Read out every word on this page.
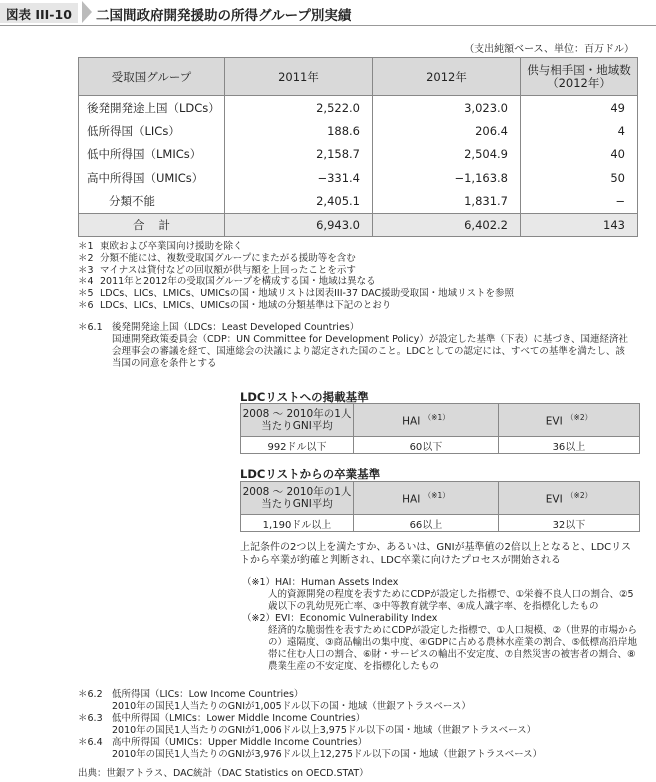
図表 III-10	二国間政府開発援助の所得グループ別実績
（支出純額ベース、単位：百万ドル）
受取国グループ	2011年	2012年	供与相手国・地域数（2012年）
後発開発途上国（LDCs）	2,522.0	3,023.0	49
低所得国（LICs）	188.6	206.4	4
低中所得国（LMICs）	2,158.7	2,504.9	40
高中所得国（UMICs）	−331.4	−1,163.8	50
分類不能	2,405.1	1,831.7	−
合計	6,943.0	6,402.2	143
＊1 東欧および卒業国向け援助を除く
＊2 分類不能には、複数受取国グループにまたがる援助等を含む
＊3 マイナスは貸付などの回収額が供与額を上回ったことを示す
＊4 2011年と2012年の受取国グループを構成する国・地域は異なる
＊5 LDCs、LICs、LMICs、UMICsの国・地域リストは図表III-37 DAC援助受取国・地域リストを参照
＊6 LDCs、LICs、LMICs、UMICsの国・地域の分類基準は下記のとおり
＊6.1 後発開発途上国（LDCs：Least Developed Countries）
国連開発政策委員会（CDP：UN Committee for Development Policy）が設定した基準（下表）に基づき、国連経済社会理事会の審議を経て、国連総会の決議により認定された国のこと。LDCとしての認定には、すべての基準を満たし、該当国の同意を条件とする
LDCリストへの掲載基準
2008 ～ 2010年の1人当たりGNI平均	HAI $^{(※1)}$	EVI $^{(※2)}$
992ドル以下	60以下	36以上
LDCリストからの卒業基準
2008 ～ 2010年の1人当たりGNI平均	HAI $^{(※1)}$	EVI $^{(※2)}$
1,190ドル以上	66以上	32以下
上記条件の2つ以上を満たすか、あるいは、GNIが基準値の2倍以上となると、LDCリストから卒業が約確と判断され、LDC卒業に向けたプロセスが開始される
（※1）HAI：Human Assets Index
人的資源開発の程度を表すためにCDPが設定した指標で、①栄養不良人口の割合、②5歳以下の乳幼児死亡率、③中等教育就学率、④成人識字率、を指標化したもの
（※2）EVI：Economic Vulnerability Index
経済的な脆弱性を表すためにCDPが設定した指標で、①人口規模、②（世界的市場からの）遠隔度、③商品輸出の集中度、④GDPに占める農林水産業の割合、⑤低標高沿岸地帯に住む人口の割合、⑥財・サービスの輸出不安定度、⑦自然災害の被害者の割合、⑧農業生産の不安定度、を指標化したもの
＊6.2 低所得国（LICs：Low Income Countries）
2010年の国民1人当たりのGNIが1,005ドル以下の国・地域（世銀アトラスベース）
＊6.3 低中所得国（LMICs：Lower Middle Income Countries）
2010年の国民1人当たりのGNIが1,006ドル以上3,975ドル以下の国・地域（世銀アトラスベース）
＊6.4 高中所得国（UMICs：Upper Middle Income Countries）
2010年の国民1人当たりのGNIが3,976ドル以上12,275ドル以下の国・地域（世銀アトラスベース）
出典：世銀アトラス、DAC統計（DAC Statistics on OECD.STAT）
